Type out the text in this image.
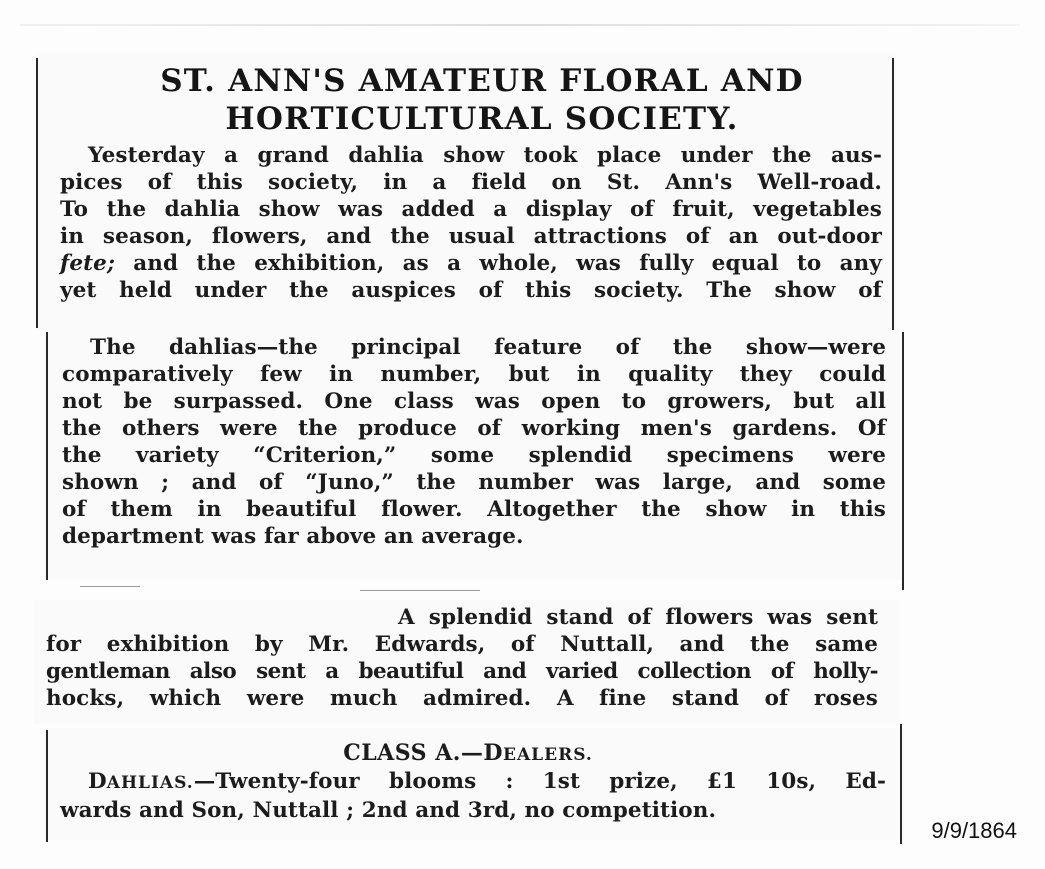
ST. ANN'S AMATEUR FLORAL AND
HORTICULTURAL SOCIETY.
Yesterday a grand dahlia show took place under the aus-
pices of this society, in a field on St. Ann's Well-road.
To the dahlia show was added a display of fruit, vegetables
in season, flowers, and the usual attractions of an out-door
fete; and the exhibition, as a whole, was fully equal to any
yet held under the auspices of this society. The show of
The dahlias—the principal feature of the show—were
comparatively few in number, but in quality they could
not be surpassed. One class was open to growers, but all
the others were the produce of working men's gardens. Of
the variety “Criterion,” some splendid specimens were
shown ; and of “Juno,” the number was large, and some
of them in beautiful flower. Altogether the show in this
department was far above an average.
A splendid stand of flowers was sent
for exhibition by Mr. Edwards, of Nuttall, and the same
gentleman also sent a beautiful and varied collection of holly-
hocks, which were much admired. A fine stand of roses
CLASS A.—DEALERS.
DAHLIAS.—Twenty-four blooms : 1st prize, £1 10s, Ed-
wards and Son, Nuttall ; 2nd and 3rd, no competition.
9/9/1864
